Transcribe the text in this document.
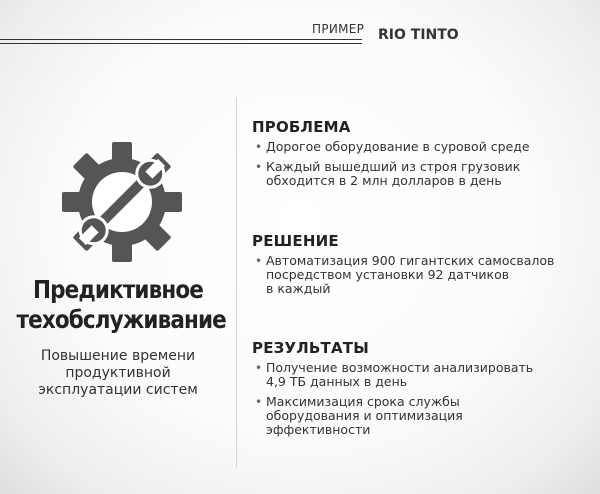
ПРИМЕР RIO TINTO
Предиктивное
техобслуживание
Повышение времени
продуктивной
эксплуатации систем
ПРОБЛЕМА
• Дорогое оборудование в суровой среде
• Каждый вышедший из строя грузовик
обходится в 2 млн долларов в день
РЕШЕНИЕ
• Автоматизация 900 гигантских самосвалов
посредством установки 92 датчиков
в каждый
РЕЗУЛЬТАТЫ
• Получение возможности анализировать
4,9 ТБ данных в день
• Максимизация срока службы
оборудования и оптимизация
эффективности
